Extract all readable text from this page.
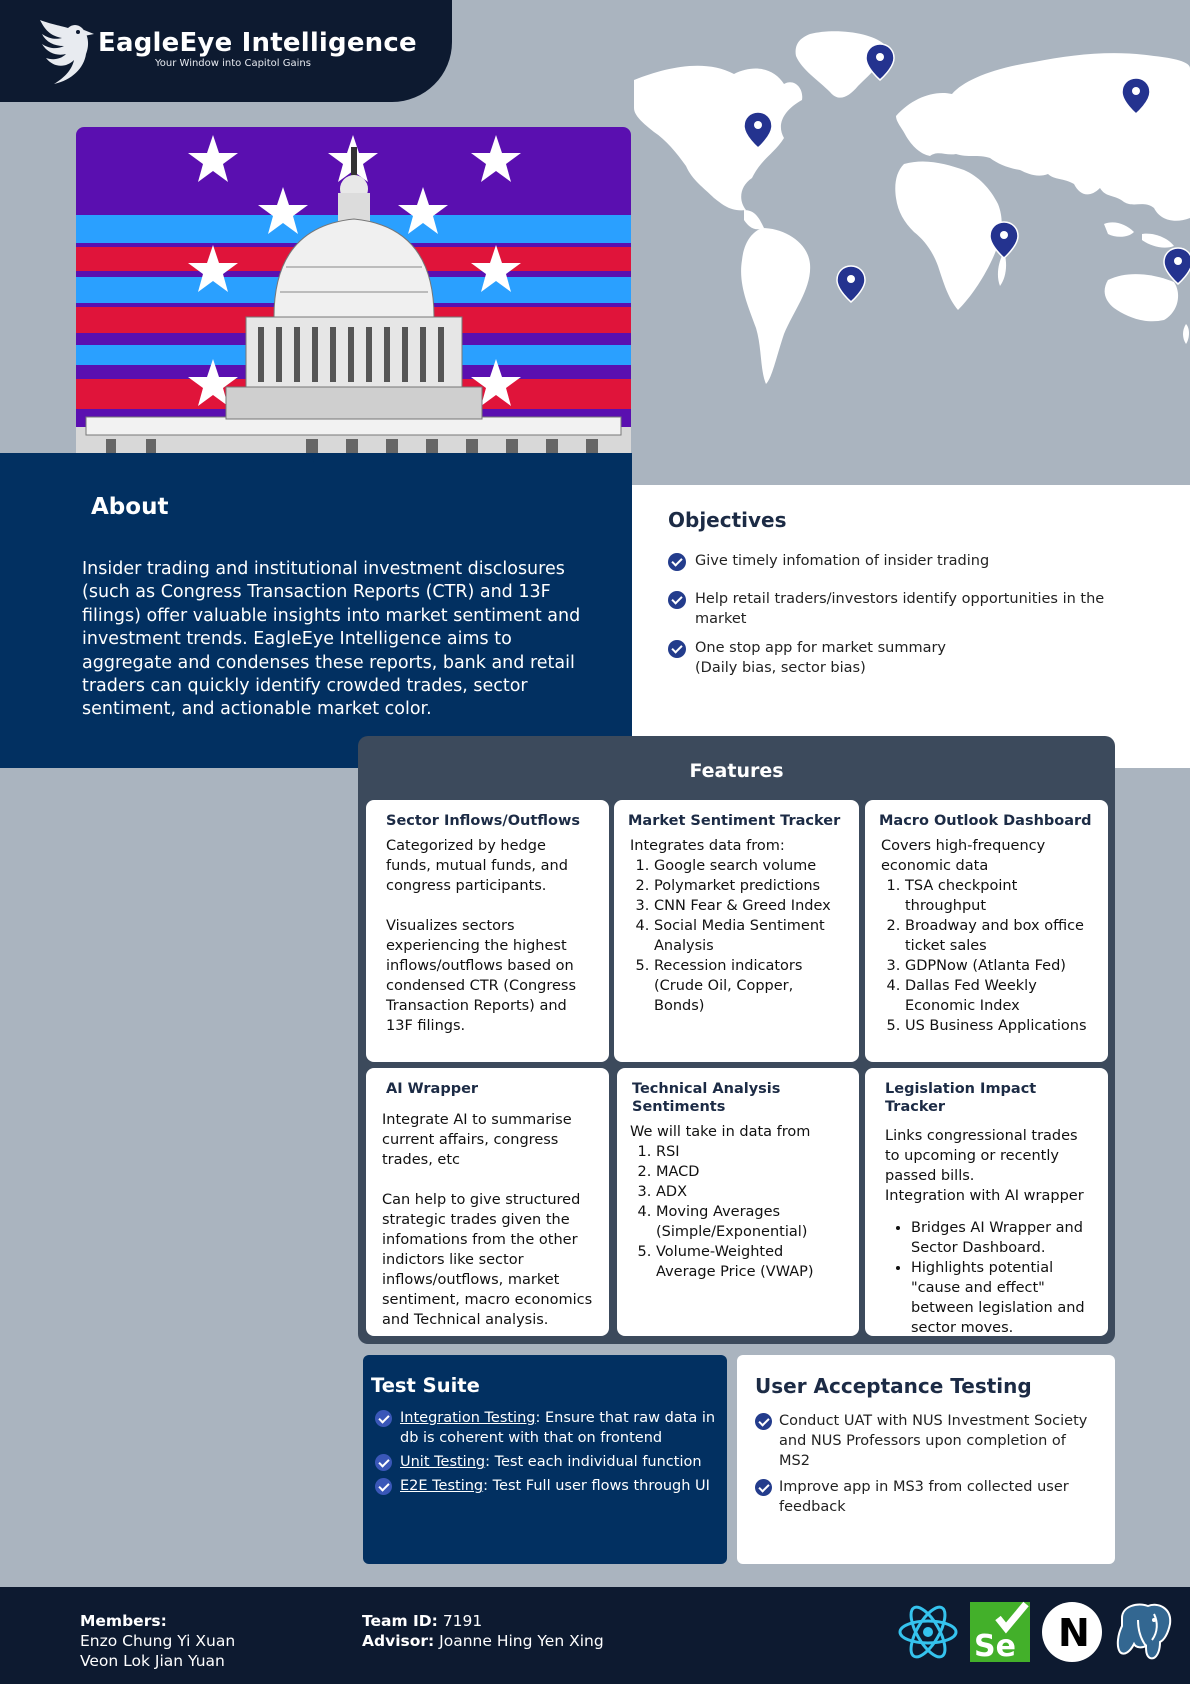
EagleEye Intelligence
Your Window into Capitol Gains
About
Insider trading and institutional investment disclosures (such as Congress Transaction Reports (CTR) and 13F filings) offer valuable insights into market sentiment and investment trends. EagleEye Intelligence aims to aggregate and condenses these reports, bank and retail traders can quickly identify crowded trades, sector sentiment, and actionable market color.
Objectives
Give timely infomation of insider trading
Help retail traders/investors identify opportunities in the market
One stop app for market summary
(Daily bias, sector bias)
Features
Sector Inflows/Outflows

Categorized by hedge funds, mutual funds, and congress participants.

Visualizes sectors experiencing the highest inflows/outflows based on condensed CTR (Congress Transaction Reports) and 13F filings.

Market Sentiment Tracker

Integrates data from:

1. Google search volume
2. Polymarket predictions
3. CNN Fear & Greed Index
4. Social Media Sentiment Analysis
5. Recession indicators (Crude Oil, Copper, Bonds)
Macro Outlook Dashboard

Covers high-frequency economic data

1. TSA checkpoint throughput
2. Broadway and box office ticket sales
3. GDPNow (Atlanta Fed)
4. Dallas Fed Weekly Economic Index
5. US Business Applications
AI Wrapper

Integrate AI to summarise current affairs, congress trades, etc

Can help to give structured strategic trades given the infomations from the other indictors like sector inflows/outflows, market sentiment, macro economics and Technical analysis.

Technical Analysis Sentiments

We will take in data from

1. RSI
2. MACD
3. ADX
4. Moving Averages (Simple/Exponential)
5. Volume-Weighted Average Price (VWAP)
Legislation Impact Tracker

Links congressional trades to upcoming or recently passed bills.

Integration with AI wrapper

• Bridges AI Wrapper and Sector Dashboard.
• Highlights potential "cause and effect" between legislation and sector moves.
Test Suite
Integration Testing: Ensure that raw data in db is coherent with that on frontend
Unit Testing: Test each individual function
E2E Testing: Test Full user flows through UI
User Acceptance Testing
Conduct UAT with NUS Investment Society and NUS Professors upon completion of MS2
Improve app in MS3 from collected user feedback
Members:
Enzo Chung Yi Xuan
Veon Lok Jian Yuan
Team ID: 7191
Advisor: Joanne Hing Yen Xing	Se N
